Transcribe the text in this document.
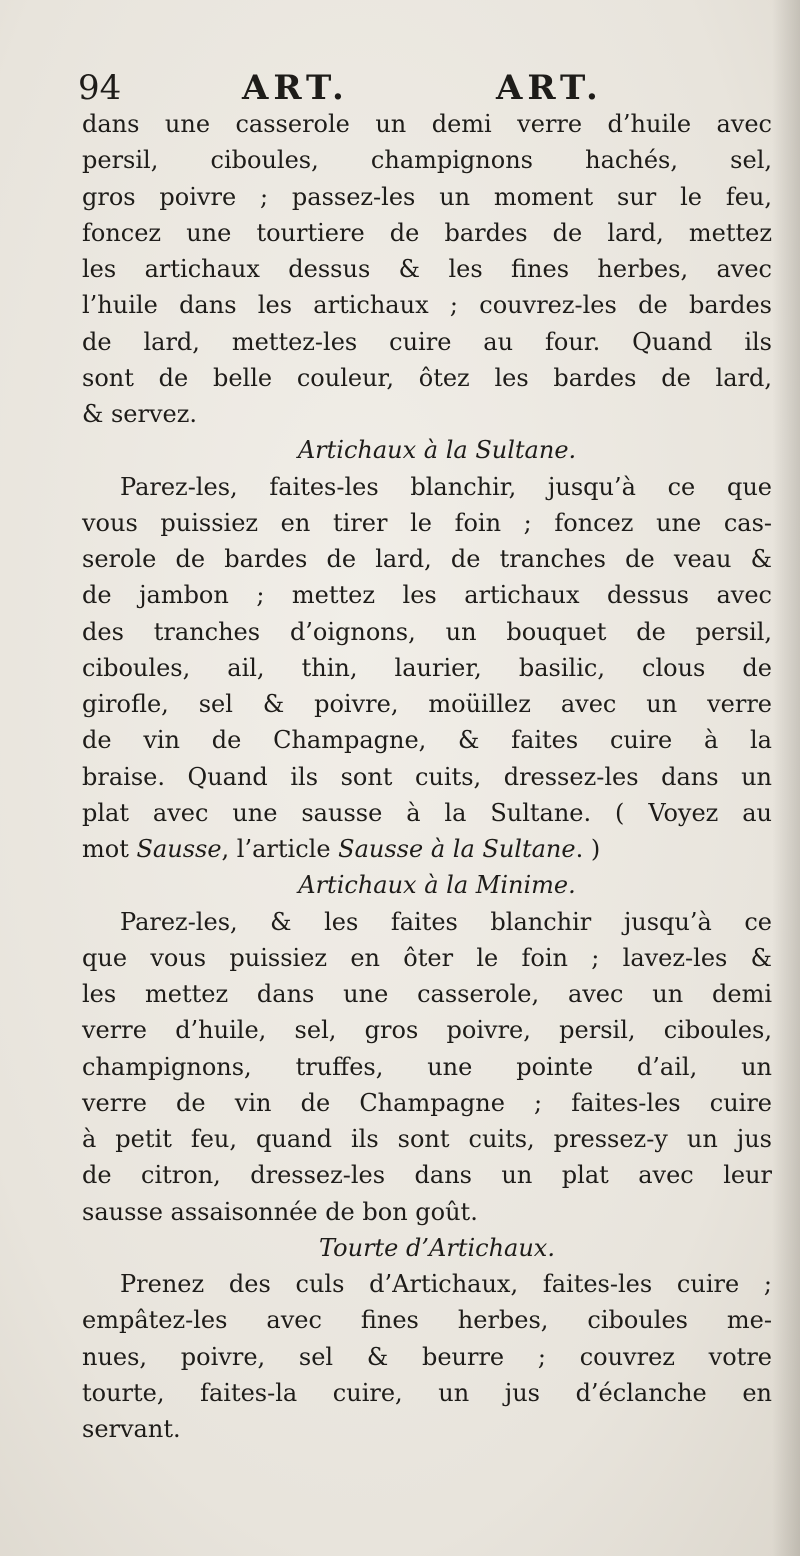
94	ART.	ART.
dans une casserole un demi verre d’huile avec
persil, ciboules, champignons hachés, sel,
gros poivre ; passez-les un moment sur le feu,
foncez une tourtiere de bardes de lard, mettez
les artichaux dessus & les fines herbes, avec
l’huile dans les artichaux ; couvrez-les de bardes
de lard, mettez-les cuire au four. Quand ils
sont de belle couleur, ôtez les bardes de lard,
& servez.
Artichaux à la Sultane.
Parez-les, faites-les blanchir, jusqu’à ce que
vous puissiez en tirer le foin ; foncez une cas-
serole de bardes de lard, de tranches de veau &
de jambon ; mettez les artichaux dessus avec
des tranches d’oignons, un bouquet de persil,
ciboules, ail, thin, laurier, basilic, clous de
girofle, sel & poivre, moüillez avec un verre
de vin de Champagne, & faites cuire à la
braise. Quand ils sont cuits, dressez-les dans un
plat avec une sausse à la Sultane. ( Voyez au
mot Sausse, l’article Sausse à la Sultane. )
Artichaux à la Minime.
Parez-les, & les faites blanchir jusqu’à ce
que vous puissiez en ôter le foin ; lavez-les &
les mettez dans une casserole, avec un demi
verre d’huile, sel, gros poivre, persil, ciboules,
champignons, truffes, une pointe d’ail, un
verre de vin de Champagne ; faites-les cuire
à petit feu, quand ils sont cuits, pressez-y un jus
de citron, dressez-les dans un plat avec leur
sausse assaisonnée de bon goût.
Tourte d’Artichaux.
Prenez des culs d’Artichaux, faites-les cuire ;
empâtez-les avec fines herbes, ciboules me-
nues, poivre, sel & beurre ; couvrez votre
tourte, faites-la cuire, un jus d’éclanche en
servant.
